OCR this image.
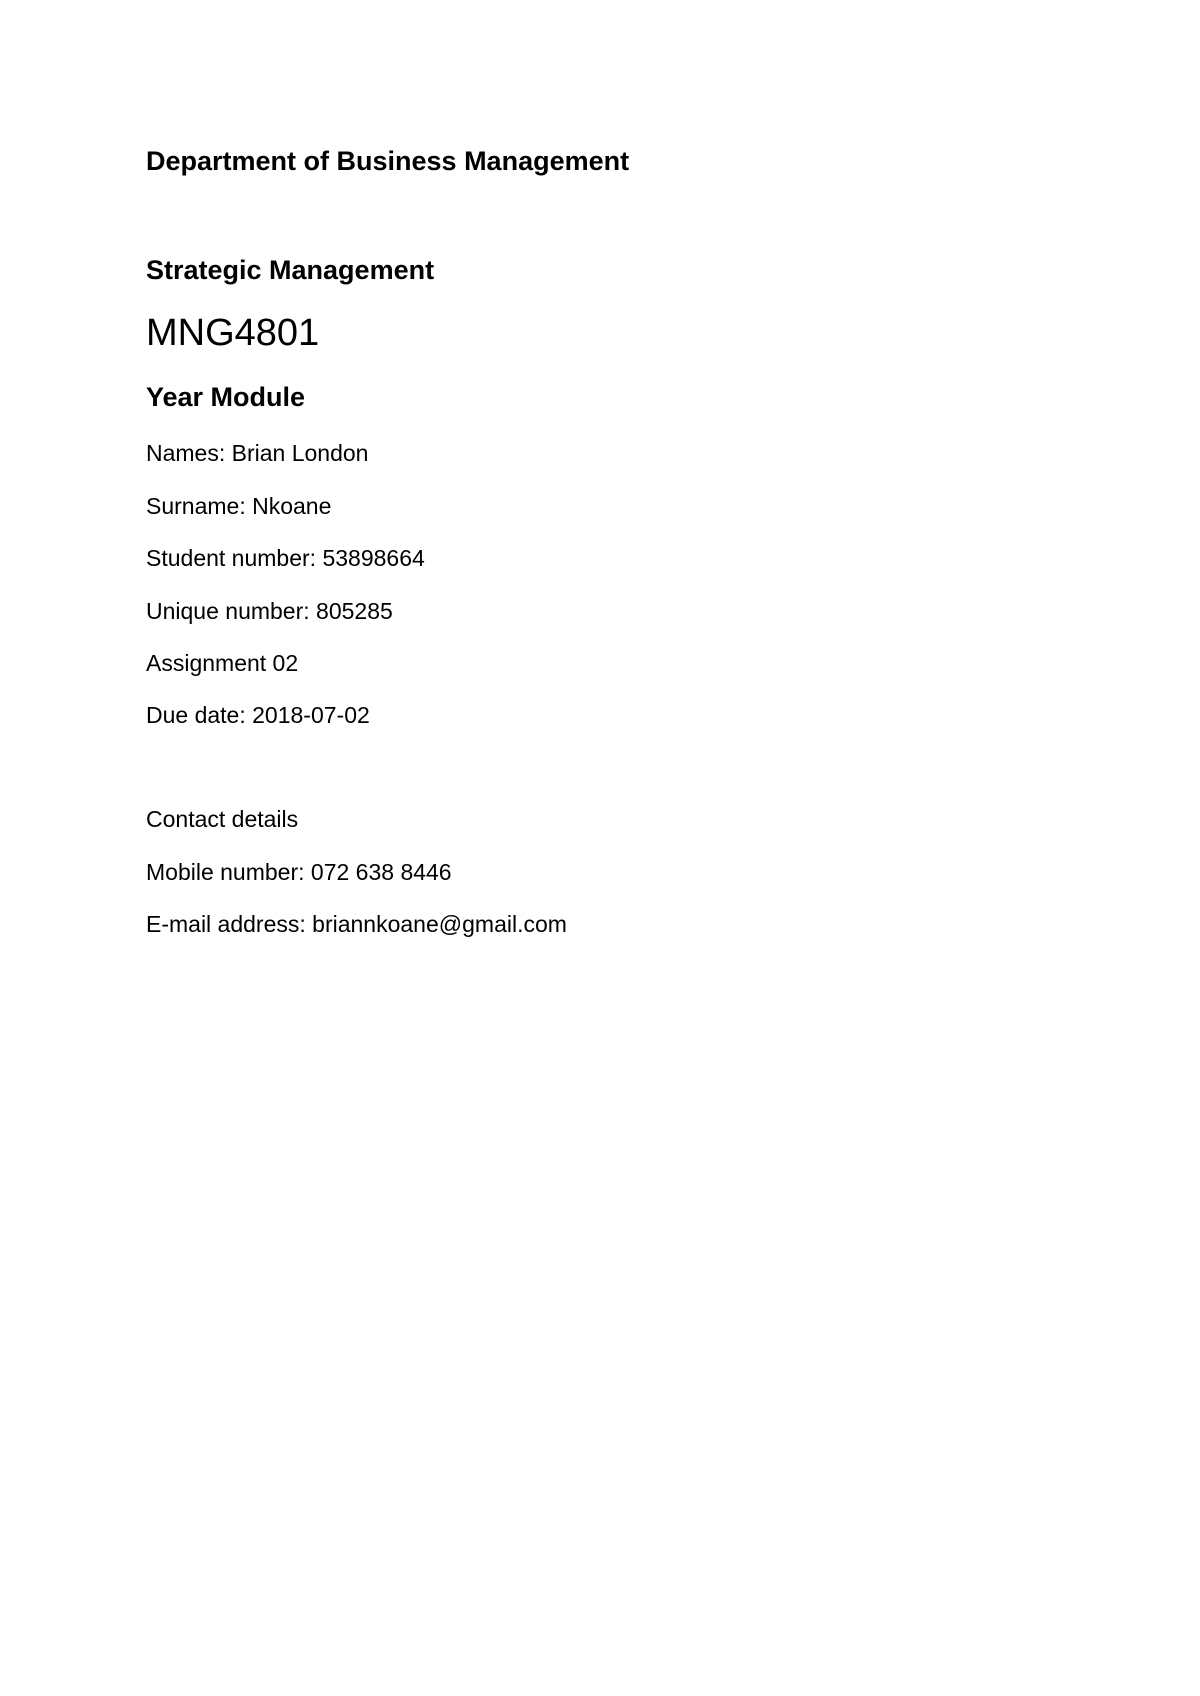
Department of Business Management

Strategic Management

MNG4801

Year Module

Names: Brian London

Surname: Nkoane

Student number: 53898664

Unique number: 805285

Assignment 02

Due date: 2018-07-02

Contact details

Mobile number: 072 638 8446

E-mail address: briannkoane@gmail.com
